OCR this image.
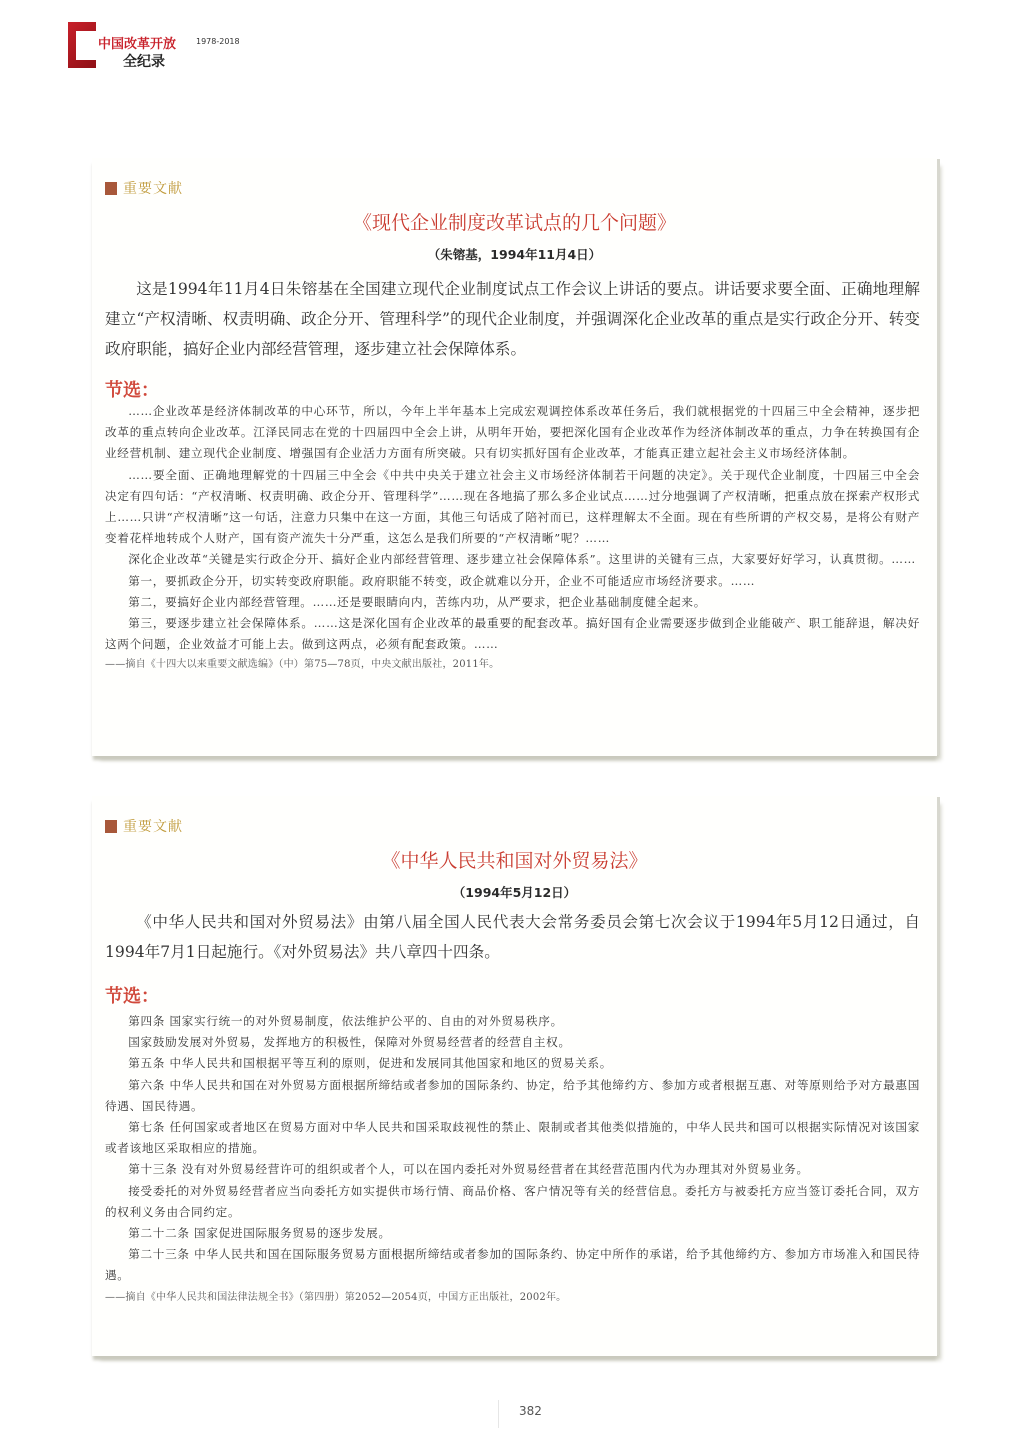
中国改革开放 1978-2018
全纪录
重要文献
《现代企业制度改革试点的几个问题》
（朱镕基，1994年11月4日）

这是1994年11月4日朱镕基在全国建立现代企业制度试点工作会议上讲话的要点。讲话要求要全面、正确地理解建立“产权清晰、权责明确、政企分开、管理科学”的现代企业制度，并强调深化企业改革的重点是实行政企分开、转变政府职能，搞好企业内部经营管理，逐步建立社会保障体系。

节选：

……企业改革是经济体制改革的中心环节，所以，今年上半年基本上完成宏观调控体系改革任务后，我们就根据党的十四届三中全会精神，逐步把改革的重点转向企业改革。江泽民同志在党的十四届四中全会上讲，从明年开始，要把深化国有企业改革作为经济体制改革的重点，力争在转换国有企业经营机制、建立现代企业制度、增强国有企业活力方面有所突破。只有切实抓好国有企业改革，才能真正建立起社会主义市场经济体制。

……要全面、正确地理解党的十四届三中全会《中共中央关于建立社会主义市场经济体制若干问题的决定》。关于现代企业制度，十四届三中全会决定有四句话：“产权清晰、权责明确、政企分开、管理科学”……现在各地搞了那么多企业试点……过分地强调了产权清晰，把重点放在探索产权形式上……只讲“产权清晰”这一句话，注意力只集中在这一方面，其他三句话成了陪衬而已，这样理解太不全面。现在有些所谓的产权交易，是将公有财产变着花样地转成个人财产，国有资产流失十分严重，这怎么是我们所要的“产权清晰”呢？……

深化企业改革“关键是实行政企分开、搞好企业内部经营管理、逐步建立社会保障体系”。这里讲的关键有三点，大家要好好学习，认真贯彻。……

第一，要抓政企分开，切实转变政府职能。政府职能不转变，政企就难以分开，企业不可能适应市场经济要求。……

第二，要搞好企业内部经营管理。……还是要眼睛向内，苦练内功，从严要求，把企业基础制度健全起来。

第三，要逐步建立社会保障体系。……这是深化国有企业改革的最重要的配套改革。搞好国有企业需要逐步做到企业能破产、职工能辞退，解决好这两个问题，企业效益才可能上去。做到这两点，必须有配套政策。……

——摘自《十四大以来重要文献选编》（中）第75—78页，中央文献出版社，2011年。

重要文献
《中华人民共和国对外贸易法》
（1994年5月12日）

《中华人民共和国对外贸易法》由第八届全国人民代表大会常务委员会第七次会议于1994年5月12日通过，自1994年7月1日起施行。《对外贸易法》共八章四十四条。

节选：

第四条 国家实行统一的对外贸易制度，依法维护公平的、自由的对外贸易秩序。

国家鼓励发展对外贸易，发挥地方的积极性，保障对外贸易经营者的经营自主权。

第五条 中华人民共和国根据平等互利的原则，促进和发展同其他国家和地区的贸易关系。

第六条 中华人民共和国在对外贸易方面根据所缔结或者参加的国际条约、协定，给予其他缔约方、参加方或者根据互惠、对等原则给予对方最惠国待遇、国民待遇。

第七条 任何国家或者地区在贸易方面对中华人民共和国采取歧视性的禁止、限制或者其他类似措施的，中华人民共和国可以根据实际情况对该国家或者该地区采取相应的措施。

第十三条 没有对外贸易经营许可的组织或者个人，可以在国内委托对外贸易经营者在其经营范围内代为办理其对外贸易业务。

接受委托的对外贸易经营者应当向委托方如实提供市场行情、商品价格、客户情况等有关的经营信息。委托方与被委托方应当签订委托合同，双方的权利义务由合同约定。

第二十二条 国家促进国际服务贸易的逐步发展。

第二十三条 中华人民共和国在国际服务贸易方面根据所缔结或者参加的国际条约、协定中所作的承诺，给予其他缔约方、参加方市场准入和国民待遇。

——摘自《中华人民共和国法律法规全书》（第四册）第2052—2054页，中国方正出版社，2002年。

382
